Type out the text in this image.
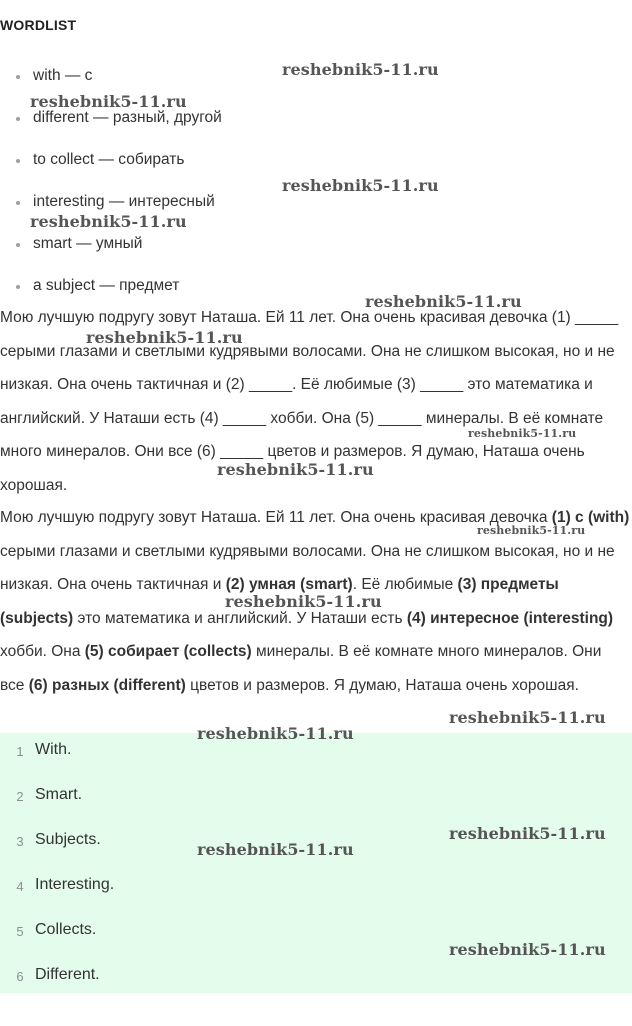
WORDLIST
with — с
different — разный, другой
to collect — собирать
interesting — интересный
smart — умный
a subject — предмет

Мою лучшую подругу зовут Наташа. Ей 11 лет. Она очень красивая девочка (1) _____ серыми глазами и светлыми кудрявыми волосами. Она не слишком высокая, но и не низкая. Она очень тактичная и (2) _____. Её любимые (3) _____ это математика и английский. У Наташи есть (4) _____ хобби. Она (5) _____ минералы. В её комнате много минералов. Они все (6) _____ цветов и размеров. Я думаю, Наташа очень хорошая.

Мою лучшую подругу зовут Наташа. Ей 11 лет. Она очень красивая девочка (1) с (with) серыми глазами и светлыми кудрявыми волосами. Она не слишком высокая, но и не низкая. Она очень тактичная и (2) умная (smart). Её любимые (3) предметы (subjects) это математика и английский. У Наташи есть (4) интересное (interesting) хобби. Она (5) собирает (collects) минералы. В её комнате много минералов. Они все (6) разных (different) цветов и размеров. Я думаю, Наташа очень хорошая.

1 With.
2 Smart.
3 Subjects.
4 Interesting.
5 Collects.
6 Different.
reshebnik5-11.ru
reshebnik5-11.ru
reshebnik5-11.ru
reshebnik5-11.ru
reshebnik5-11.ru
reshebnik5-11.ru
reshebnik5-11.ru
reshebnik5-11.ru
reshebnik5-11.ru
reshebnik5-11.ru
reshebnik5-11.ru
reshebnik5-11.ru
reshebnik5-11.ru
reshebnik5-11.ru
reshebnik5-11.ru
